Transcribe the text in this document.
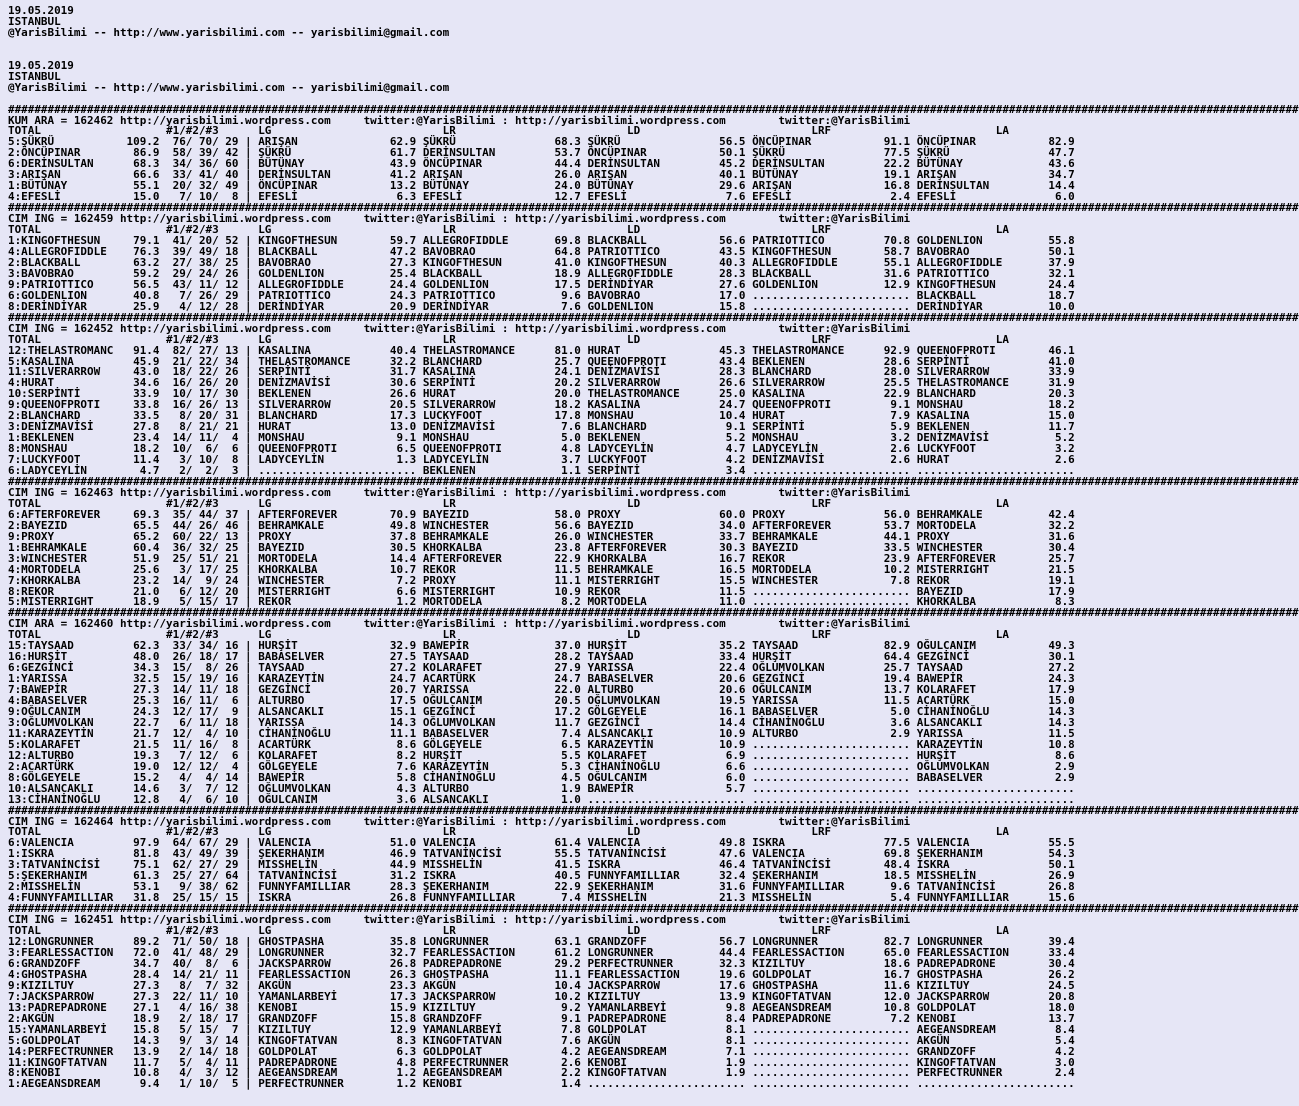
19.05.2019
ISTANBUL
@YarisBilimi -- http://www.yarisbilimi.com -- yarisbilimi@gmail.com

19.05.2019
ISTANBUL
@YarisBilimi -- http://www.yarisbilimi.com -- yarisbilimi@gmail.com

####################################################################################################################################################################################################
KUM ARA = 162462 http://yarisbilimi.wordpress.com     twitter:@YarisBilimi : http://yarisbilimi.wordpress.com        twitter:@YarisBilimi
TOTAL                   #1/#2/#3      LG                          LR                          LD                          LRF                         LA
5:ŞÜKRÜ           109.2  76/ 70/ 29 | ARIŞAN              62.9 ŞÜKRÜ               68.3 ŞÜKRÜ               56.5 ÖNCÜPINAR           91.1 ÖNCÜPINAR           82.9
2:ÖNCÜPINAR        86.9  58/ 39/ 42 | ŞÜKRÜ               61.7 DERİNSULTAN         53.7 ÖNCÜPINAR           50.1 ŞÜKRÜ               77.5 ŞÜKRÜ               47.7
6:DERİNSULTAN      68.3  34/ 36/ 60 | BÜTÜNAY             43.9 ÖNCÜPINAR           44.4 DERİNSULTAN         45.2 DERİNSULTAN         22.2 BÜTÜNAY             43.6
3:ARIŞAN           66.6  33/ 41/ 40 | DERİNSULTAN         41.2 ARIŞAN              26.0 ARIŞAN              40.1 BÜTÜNAY             19.1 ARIŞAN              34.7
1:BÜTÜNAY          55.1  20/ 32/ 49 | ÖNCÜPINAR           13.2 BÜTÜNAY             24.0 BÜTÜNAY             29.6 ARIŞAN              16.8 DERİNSULTAN         14.4
4:EFESLİ           15.0   7/ 10/  8 | EFESLİ               6.3 EFESLİ              12.7 EFESLİ               7.6 EFESLİ               2.4 EFESLİ               6.0
####################################################################################################################################################################################################
CIM ING = 162459 http://yarisbilimi.wordpress.com     twitter:@YarisBilimi : http://yarisbilimi.wordpress.com        twitter:@YarisBilimi
TOTAL                   #1/#2/#3      LG                          LR                          LD                          LRF                         LA
1:KINGOFTHESUN     79.1  41/ 20/ 52 | KINGOFTHESUN        59.7 ALLEGROFIDDLE       69.8 BLACKBALL           56.6 PATRIOTTICO         70.8 GOLDENLION          55.8
4:ALLEGROFIDDLE    76.3  39/ 49/ 18 | BLACKBALL           47.2 BAVOBRAO            64.8 PATRIOTTICO         43.5 KINGOFTHESUN        58.7 BAVOBRAO            50.1
2:BLACKBALL        63.2  27/ 38/ 25 | BAVOBRAO            27.3 KINGOFTHESUN        41.0 KINGOFTHESUN        40.3 ALLEGROFIDDLE       55.1 ALLEGROFIDDLE       37.9
3:BAVOBRAO         59.2  29/ 24/ 26 | GOLDENLION          25.4 BLACKBALL           18.9 ALLEGROFIDDLE       28.3 BLACKBALL           31.6 PATRIOTTICO         32.1
9:PATRIOTTICO      56.5  43/ 11/ 12 | ALLEGROFIDDLE       24.4 GOLDENLION          17.5 DERİNDİYAR          27.6 GOLDENLION          12.9 KINGOFTHESUN        24.4
6:GOLDENLION       40.8   7/ 26/ 29 | PATRIOTTICO         24.3 PATRIOTTICO          9.6 BAVOBRAO            17.0 ........................ BLACKBALL           18.7
8:DERİNDİYAR       25.9   4/ 12/ 28 | DERİNDİYAR          20.9 DERİNDİYAR           7.6 GOLDENLION          15.8 ........................ DERİNDİYAR          10.0
####################################################################################################################################################################################################
CIM ING = 162452 http://yarisbilimi.wordpress.com     twitter:@YarisBilimi : http://yarisbilimi.wordpress.com        twitter:@YarisBilimi
TOTAL                   #1/#2/#3      LG                          LR                          LD                          LRF                         LA
12:THELASTROMANC   91.4  82/ 27/ 13 | KASALINA            40.4 THELASTROMANCE      81.0 HURAT               45.3 THELASTROMANCE      92.9 QUEENOFPROTI        46.1
5:KASALINA         45.9  21/ 22/ 34 | THELASTROMANCE      32.2 BLANCHARD           25.7 QUEENOFPROTI        43.4 BEKLENEN            28.6 SERPİNTİ            41.0
11:SILVERARROW     43.0  18/ 22/ 26 | SERPİNTİ            31.7 KASALINA            24.1 DENİZMAVİSİ         28.3 BLANCHARD           28.0 SILVERARROW         33.9
4:HURAT            34.6  16/ 26/ 20 | DENİZMAVİSİ         30.6 SERPİNTİ            20.2 SILVERARROW         26.6 SILVERARROW         25.5 THELASTROMANCE      31.9
10:SERPİNTİ        33.9  10/ 17/ 30 | BEKLENEN            26.6 HURAT               20.0 THELASTROMANCE      25.0 KASALINA            22.9 BLANCHARD           20.3
9:QUEENOFPROTI     33.8  16/ 26/ 13 | SILVERARROW         20.5 SILVERARROW         18.2 KASALINA            24.7 QUEENOFPROTI         9.1 MONSHAU             18.2
2:BLANCHARD        33.5   8/ 20/ 31 | BLANCHARD           17.3 LUCKYFOOT           17.8 MONSHAU             10.4 HURAT                7.9 KASALINA            15.0
3:DENİZMAVİSİ      27.8   8/ 21/ 21 | HURAT               13.0 DENİZMAVİSİ          7.6 BLANCHARD            9.1 SERPİNTİ             5.9 BEKLENEN            11.7
1:BEKLENEN         23.4  14/ 11/  4 | MONSHAU              9.1 MONSHAU              5.0 BEKLENEN             5.2 MONSHAU              3.2 DENİZMAVİSİ          5.2
8:MONSHAU          18.2  10/  6/  6 | QUEENOFPROTI         6.5 QUEENOFPROTI         4.8 LADYCEYLİN           4.7 LADYCEYLİN           2.6 LUCKYFOOT            3.2
7:LUCKYFOOT        11.4   3/ 10/  8 | LADYCEYLİN           1.3 LADYCEYLİN           3.7 LUCKYFOOT            4.2 DENİZMAVİSİ          2.6 HURAT                2.6
6:LADYCEYLİN        4.7   2/  2/  3 | ........................ BEKLENEN             1.1 SERPİNTİ             3.4 ........................ ........................
####################################################################################################################################################################################################
CIM ING = 162463 http://yarisbilimi.wordpress.com     twitter:@YarisBilimi : http://yarisbilimi.wordpress.com        twitter:@YarisBilimi
TOTAL                   #1/#2/#3      LG                          LR                          LD                          LRF                         LA
6:AFTERFOREVER     69.3  35/ 44/ 37 | AFTERFOREVER        70.9 BAYEZID             58.0 PROXY               60.0 PROXY               56.0 BEHRAMKALE          42.4
2:BAYEZID          65.5  44/ 26/ 46 | BEHRAMKALE          49.8 WINCHESTER          56.6 BAYEZID             34.0 AFTERFOREVER        53.7 MORTODELA           32.2
9:PROXY            65.2  60/ 22/ 13 | PROXY               37.8 BEHRAMKALE          26.0 WINCHESTER          33.7 BEHRAMKALE          44.1 PROXY               31.6
1:BEHRAMKALE       60.4  36/ 32/ 25 | BAYEZID             30.5 KHORKALBA           23.8 AFTERFOREVER        30.3 BAYEZID             33.5 WINCHESTER          30.4
3:WINCHESTER       51.9  25/ 51/ 21 | MORTODELA           14.4 AFTERFOREVER        22.9 KHORKALBA           16.7 REKOR               23.9 AFTERFOREVER        25.7
4:MORTODELA        25.6   3/ 17/ 25 | KHORKALBA           10.7 REKOR               11.5 BEHRAMKALE          16.5 MORTODELA           10.2 MISTERRIGHT         21.5
7:KHORKALBA        23.2  14/  9/ 24 | WINCHESTER           7.2 PROXY               11.1 MISTERRIGHT         15.5 WINCHESTER           7.8 REKOR               19.1
8:REKOR            21.0   6/ 12/ 20 | MISTERRIGHT          6.6 MISTERRIGHT         10.9 REKOR               11.5 ........................ BAYEZID             17.9
5:MISTERRIGHT      18.9   5/ 15/ 17 | REKOR                1.2 MORTODELA            8.2 MORTODELA           11.0 ........................ KHORKALBA            8.3
####################################################################################################################################################################################################
CIM ARA = 162460 http://yarisbilimi.wordpress.com     twitter:@YarisBilimi : http://yarisbilimi.wordpress.com        twitter:@YarisBilimi
TOTAL                   #1/#2/#3      LG                          LR                          LD                          LRF                         LA
15:TAYSAAD         62.3  33/ 34/ 16 | HURŞİT              32.9 BAWEPİR             37.0 HURŞİT              35.2 TAYSAAD             82.9 OĞULCANIM           49.3
16:HURŞİT          48.0  26/ 18/ 17 | BABASELVER          27.5 TAYSAAD             28.2 TAYSAAD             33.4 HURŞİT              64.4 GEZGİNCİ            30.1
6:GEZGİNCİ         34.3  15/  8/ 26 | TAYSAAD             27.2 KOLARAFET           27.9 YARISSA             22.4 OĞLUMVOLKAN         25.7 TAYSAAD             27.2
1:YARISSA          32.5  15/ 19/ 16 | KARAZEYTİN          24.7 ACARTÜRK            24.7 BABASELVER          20.6 GEZGİNCİ            19.4 BAWEPİR             24.3
7:BAWEPİR          27.3  14/ 11/ 18 | GEZGİNCİ            20.7 YARISSA             22.0 ALTURBO             20.6 OĞULCANIM           13.7 KOLARAFET           17.9
4:BABASELVER       25.3  16/ 11/  6 | ALTURBO             17.5 OĞULCANIM           20.5 OĞLUMVOLKAN         19.5 YARISSA             11.5 ACARTÜRK            15.0
9:OĞULCANIM        24.3  12/ 17/  9 | ALSANCAKLI          15.1 GEZGİNCİ            17.2 GÖLGEYELE           16.1 BABASELVER           5.0 CİHANİNOĞLU         14.3
3:OĞLUMVOLKAN      22.7   6/ 11/ 18 | YARISSA             14.3 OĞLUMVOLKAN         11.7 GEZGİNCİ            14.4 CİHANİNOĞLU          3.6 ALSANCAKLI          14.3
11:KARAZEYTİN      21.7  12/  4/ 10 | CİHANİNOĞLU         11.1 BABASELVER           7.4 ALSANCAKLI          10.9 ALTURBO              2.9 YARISSA             11.5
5:KOLARAFET        21.5  11/ 16/  8 | ACARTÜRK             8.6 GÖLGEYELE            6.5 KARAZEYTİN          10.9 ........................ KARAZEYTİN          10.8
12:ALTURBO         19.3   7/ 12/  6 | KOLARAFET            8.2 HURŞİT               5.5 KOLARAFET            6.9 ........................ HURŞİT               8.6
2:ACARTÜRK         19.0  12/ 12/  4 | GÖLGEYELE            7.6 KARAZEYTİN           5.3 CİHANİNOĞLU          6.6 ........................ OĞLUMVOLKAN          2.9
8:GÖLGEYELE        15.2   4/  4/ 14 | BAWEPİR              5.8 CİHANİNOĞLU          4.5 OĞULCANIM            6.0 ........................ BABASELVER           2.9
10:ALSANCAKLI      14.6   3/  7/ 12 | OĞLUMVOLKAN          4.3 ALTURBO              1.9 BAWEPİR              5.7 ........................ ........................
13:CİHANİNOĞLU     12.8   4/  6/ 10 | OĞULCANIM            3.6 ALSANCAKLI           1.0 ........................ ........................ ........................
####################################################################################################################################################################################################
CIM ING = 162464 http://yarisbilimi.wordpress.com     twitter:@YarisBilimi : http://yarisbilimi.wordpress.com        twitter:@YarisBilimi
TOTAL                   #1/#2/#3      LG                          LR                          LD                          LRF                         LA
6:VALENCIA         97.9  64/ 67/ 29 | VALENCIA            51.0 VALENCIA            61.4 VALENCIA            49.8 ISKRA               77.5 VALENCIA            55.5
1:ISKRA            81.8  43/ 49/ 39 | ŞEKERHANIM          46.9 TATVANİNCİSİ        55.5 TATVANİNCİSİ        47.6 VALENCIA            69.8 ŞEKERHANIM          54.3
3:TATVANİNCİSİ     75.1  62/ 27/ 29 | MISSHELİN           44.9 MISSHELİN           41.5 ISKRA               46.4 TATVANİNCİSİ        48.4 ISKRA               50.1
5:ŞEKERHANIM       61.3  25/ 27/ 64 | TATVANİNCİSİ        31.2 ISKRA               40.5 FUNNYFAMILLIAR      32.4 ŞEKERHANIM          18.5 MISSHELİN           26.9
2:MISSHELİN        53.1   9/ 38/ 62 | FUNNYFAMILLIAR      28.3 ŞEKERHANIM          22.9 ŞEKERHANIM          31.6 FUNNYFAMILLIAR       9.6 TATVANİNCİSİ        26.8
4:FUNNYFAMILLIAR   31.8  25/ 15/ 15 | ISKRA               26.8 FUNNYFAMILLIAR       7.4 MISSHELİN           21.3 MISSHELİN            5.4 FUNNYFAMILLIAR      15.6
####################################################################################################################################################################################################
CIM ING = 162451 http://yarisbilimi.wordpress.com     twitter:@YarisBilimi : http://yarisbilimi.wordpress.com        twitter:@YarisBilimi
TOTAL                   #1/#2/#3      LG                          LR                          LD                          LRF                         LA
12:LONGRUNNER      89.2  71/ 50/ 18 | GHOSTPASHA          35.8 LONGRUNNER          63.1 GRANDZOFF           56.7 LONGRUNNER          82.7 LONGRUNNER          39.4
3:FEARLESSACTION   72.0  41/ 48/ 29 | LONGRUNNER          32.7 FEARLESSACTION      61.2 LONGRUNNER          44.4 FEARLESSACTION      65.0 FEARLESSACTION      33.4
6:GRANDZOFF        34.7  40/  8/  6 | JACKSPARROW         26.8 PADREPADRONE        29.2 PERFECTRUNNER       32.3 KIZILTUY            18.6 PADREPADRONE        30.4
4:GHOSTPASHA       28.4  14/ 21/ 11 | FEARLESSACTION      26.3 GHOSTPASHA          11.1 FEARLESSACTION      19.6 GOLDPOLAT           16.7 GHOSTPASHA          26.2
9:KIZILTUY         27.3   8/  7/ 32 | AKGÜN               23.3 AKGÜN               10.4 JACKSPARROW         17.6 GHOSTPASHA          11.6 KIZILTUY            24.5
7:JACKSPARROW      27.3  22/ 11/ 10 | YAMANLARBEYİ        17.3 JACKSPARROW         10.2 KIZILTUY            13.9 KINGOFTATVAN        12.0 JACKSPARROW         20.8
13:PADREPADRONE    27.1   4/ 16/ 38 | KENOBI              15.9 KIZILTUY             9.2 YAMANLARBEYİ         9.8 AEGEANSDREAM        10.8 GOLDPOLAT           18.0
2:AKGÜN            18.9   2/ 18/ 17 | GRANDZOFF           15.8 GRANDZOFF            9.1 PADREPADRONE         8.4 PADREPADRONE         7.2 KENOBI              13.7
15:YAMANLARBEYİ    15.8   5/ 15/  7 | KIZILTUY            12.9 YAMANLARBEYİ         7.8 GOLDPOLAT            8.1 ........................ AEGEANSDREAM         8.4
5:GOLDPOLAT        14.3   9/  3/ 14 | KINGOFTATVAN         8.3 KINGOFTATVAN         7.6 AKGÜN                8.1 ........................ AKGÜN                5.4
14:PERFECTRUNNER   13.9   2/ 14/ 18 | GOLDPOLAT            6.3 GOLDPOLAT            4.2 AEGEANSDREAM         7.1 ........................ GRANDZOFF            4.2
11:KINGOFTATVAN    11.7   5/  4/ 11 | PADREPADRONE         4.8 PERFECTRUNNER        2.6 KENOBI               1.9 ........................ KINGOFTATVAN         3.0
8:KENOBI           10.8   4/  3/ 12 | AEGEANSDREAM         1.2 AEGEANSDREAM         2.2 KINGOFTATVAN         1.9 ........................ PERFECTRUNNER        2.4
1:AEGEANSDREAM      9.4   1/ 10/  5 | PERFECTRUNNER        1.2 KENOBI               1.4 ........................ ........................ ........................
